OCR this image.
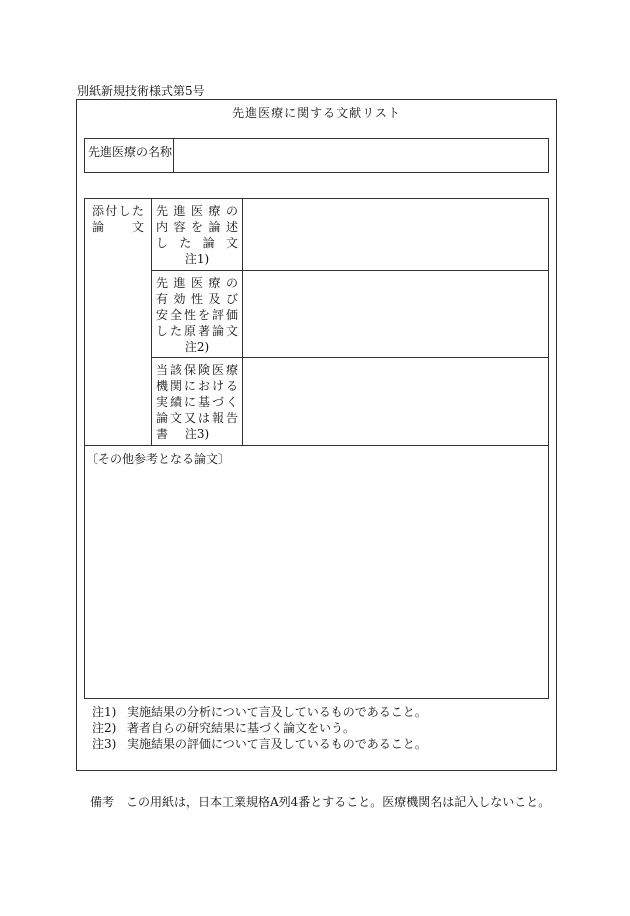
別紙新規技術様式第5号
先進医療に関する文献リスト
先進医療の名称
添付した
論　　文
先進医療の
内容を論述
した論文
注1)
先進医療の
有効性及び
安全性を評価
した原著論文
注2)
当該保険医療
機関における
実績に基づく
論文又は報告書	注3)
〔その他参考となる論文〕
注1) 実施結果の分析について言及しているものであること。
注2) 著者自らの研究結果に基づく論文をいう。
注3) 実施結果の評価について言及しているものであること。
備考　この用紙は，日本工業規格A列4番とすること。医療機関名は記入しないこと。
